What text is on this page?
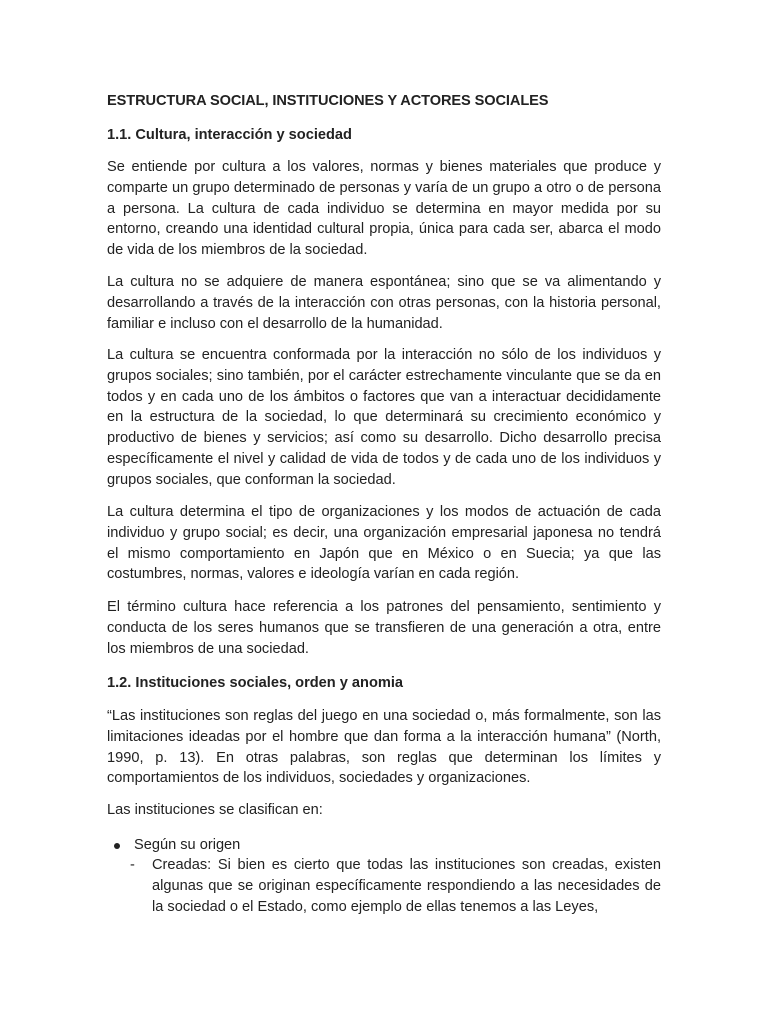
ESTRUCTURA SOCIAL, INSTITUCIONES Y ACTORES SOCIALES
1.1. Cultura, interacción y sociedad

Se entiende por cultura a los valores, normas y bienes materiales que produce y comparte un grupo determinado de personas y varía de un grupo a otro o de persona a persona. La cultura de cada individuo se determina en mayor medida por su entorno, creando una identidad cultural propia, única para cada ser, abarca el modo de vida de los miembros de la sociedad.

La cultura no se adquiere de manera espontánea; sino que se va alimentando y desarrollando a través de la interacción con otras personas, con la historia personal, familiar e incluso con el desarrollo de la humanidad.

La cultura se encuentra conformada por la interacción no sólo de los individuos y grupos sociales; sino también, por el carácter estrechamente vinculante que se da en todos y en cada uno de los ámbitos o factores que van a interactuar decididamente en la estructura de la sociedad, lo que determinará su crecimiento económico y productivo de bienes y servicios; así como su desarrollo. Dicho desarrollo precisa específicamente el nivel y calidad de vida de todos y de cada uno de los individuos y grupos sociales, que conforman la sociedad.

La cultura determina el tipo de organizaciones y los modos de actuación de cada individuo y grupo social; es decir, una organización empresarial japonesa no tendrá el mismo comportamiento en Japón que en México o en Suecia; ya que las costumbres, normas, valores e ideología varían en cada región.

El término cultura hace referencia a los patrones del pensamiento, sentimiento y conducta de los seres humanos que se transfieren de una generación a otra, entre los miembros de una sociedad.

1.2. Instituciones sociales, orden y anomia

“Las instituciones son reglas del juego en una sociedad o, más formalmente, son las limitaciones ideadas por el hombre que dan forma a la interacción humana” (North, 1990, p. 13). En otras palabras, son reglas que determinan los límites y comportamientos de los individuos, sociedades y organizaciones.

Las instituciones se clasifican en:

Según su origen
- Creadas: Si bien es cierto que todas las instituciones son creadas, existen algunas que se originan específicamente respondiendo a las necesidades de la sociedad o el Estado, como ejemplo de ellas tenemos a las Leyes,
